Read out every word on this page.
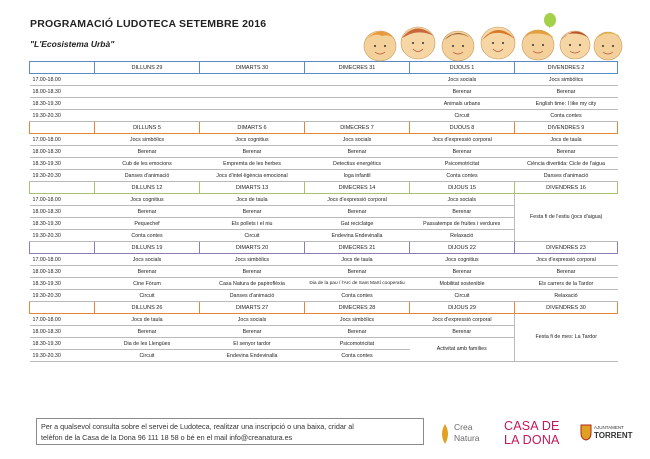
PROGRAMACIÓ LUDOTECA SETEMBRE 2016
"L'Ecosistema Urbà"
	DILLUNS 29	DIMARTS 30	DIMECRES 31	DIJOUS 1	DIVENDRES 2
17.00-18.00				Jocs socials	Jocs simbòlics
18.00-18.30				Berenar	Berenar
18.30-19.30				Animals urbans	English time: I like my city
19.30-20.30				Circuit	Conta contes
	DILLUNS 5	DIMARTS 6	DIMECRES 7	DIJOUS 8	DIVENDRES 9
17.00-18.00	Jocs simbòlics	Jocs cognitius	Jocs socials	Jocs d'expressió corporal	Jocs de taula
18.00-18.30	Berenar	Berenar	Berenar	Berenar	Berenar
18.30-19.30	Cub de les emocions	Empremta de les herbes	Detectius energètics	Psicomotricitat	Ciència divertida: Cicle de l'aigua
19.30-20.30	Danses d'animació	Jocs d'intel·ligència emocional	Ioga infantil	Conta contes	Danses d'animació
	DILLUNS 12	DIMARTS 13	DIMECRES 14	DIJOUS 15	DIVENDRES 16
17.00-18.00	Jocs cognitius	Jocs de taula	Jocs d'expressió corporal	Jocs socials	Festa fi de l'estiu (jocs d'aigua)
18.00-18.30	Berenar	Berenar	Berenar	Berenar	
18.30-19.30	Pequechef	Els pollets i el niu	Gat reciclatge	Passatemps de fruites i verdures	
19.30-20.30	Conta contes	Circuit	Endevina Endevinalla	Relaxació	
	DILLUNS 19	DIMARTS 20	DIMECRES 21	DIJOUS 22	DIVENDRES 23
17.00-18.00	Jocs socials	Jocs simbòlics	Jocs de taula	Jocs cognitius	Jocs d'expressió corporal
18.00-18.30	Berenar	Berenar	Berenar	Berenar	Berenar
18.30-19.30	Cine Fòrum	Casa Natura de papiroflèxia	Dia de la pau / l'Arc de Sant Martí cooperatiu	Mobilitat sostenible	Els carrers de la Tardor
19.30-20.30	Circuit	Danses d'animació	Conta contes	Circuit	Relaxació
	DILLUNS 26	DIMARTS 27	DIMECRES 28	DIJOUS 29	DIVENDRES 30
17.00-18.00	Jocs de taula	Jocs socials	Jocs simbòlics	Jocs d'expressió corporal	Festa fi de mes: La Tardor
18.00-18.30	Berenar	Berenar	Berenar	Berenar	
18.30-19.30	Dia de les Llengües	El senyor tardor	Psicomotricitat	Activitat amb famílies	
19.30-20.30	Circuit	Endevina Endevinalla	Conta contes		
Per a qualsevol consulta sobre el servei de Ludoteca, realitzar una inscripció o una baixa, cridar al
telèfon de la Casa de la Dona 96 111 18 58 o bé en el mail info@creanatura.es
Crea
Natura
CASA DE
LA DONA
AJUNTAMENT
TORRENT
